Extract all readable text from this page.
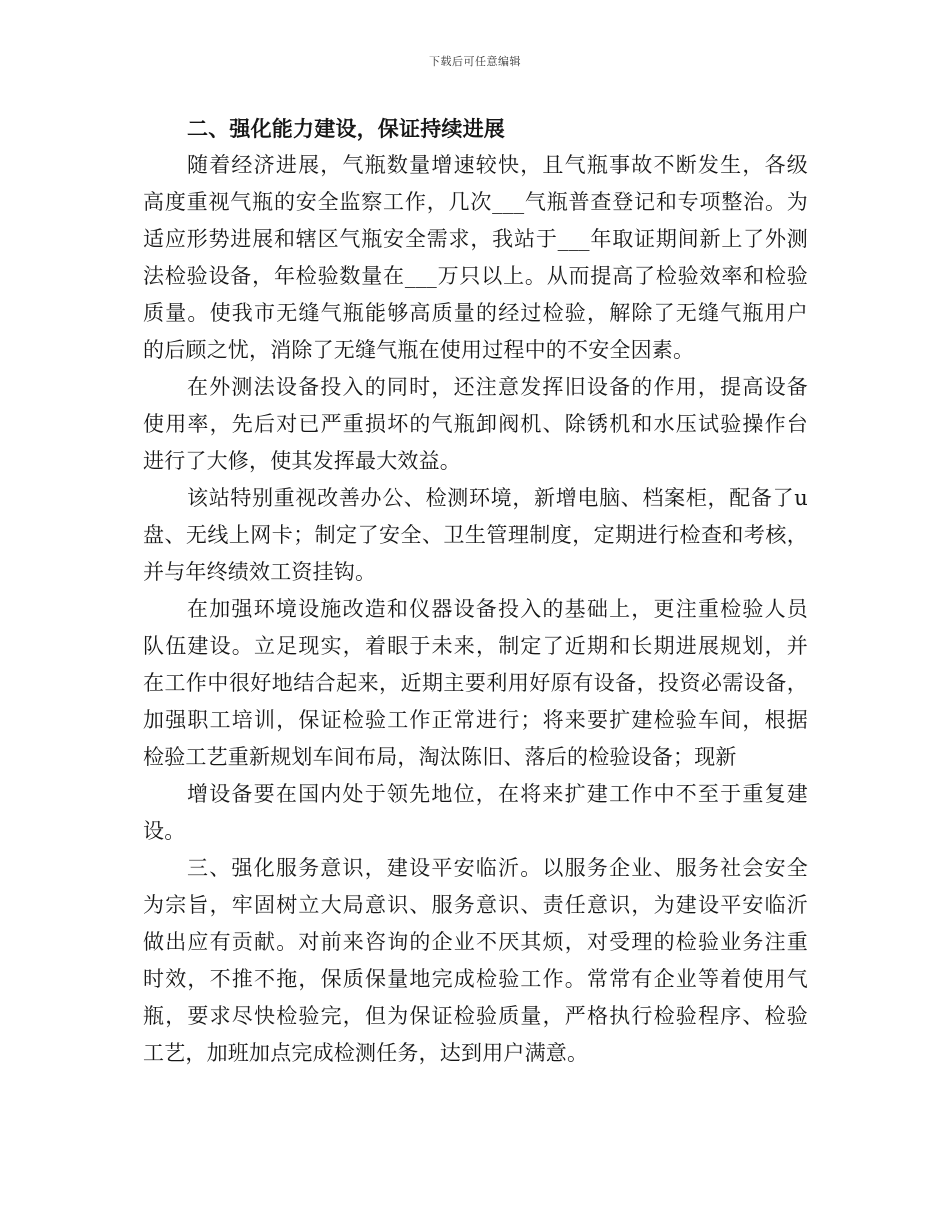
下载后可任意编辑
二、强化能力建设，保证持续进展
随着经济进展，气瓶数量增速较快，且气瓶事故不断发生，各级
高度重视气瓶的安全监察工作，几次___气瓶普查登记和专项整治。为
适应形势进展和辖区气瓶安全需求，我站于___年取证期间新上了外测
法检验设备，年检验数量在___万只以上。从而提高了检验效率和检验
质量。使我市无缝气瓶能够高质量的经过检验，解除了无缝气瓶用户
的后顾之忧，消除了无缝气瓶在使用过程中的不安全因素。
在外测法设备投入的同时，还注意发挥旧设备的作用，提高设备
使用率，先后对已严重损坏的气瓶卸阀机、除锈机和水压试验操作台
进行了大修，使其发挥最大效益。
该站特别重视改善办公、检测环境，新增电脑、档案柜，配备了u
盘、无线上网卡；制定了安全、卫生管理制度，定期进行检查和考核，
并与年终绩效工资挂钩。
在加强环境设施改造和仪器设备投入的基础上，更注重检验人员
队伍建设。立足现实，着眼于未来，制定了近期和长期进展规划，并
在工作中很好地结合起来，近期主要利用好原有设备，投资必需设备，
加强职工培训，保证检验工作正常进行；将来要扩建检验车间，根据
检验工艺重新规划车间布局，淘汰陈旧、落后的检验设备；现新
增设备要在国内处于领先地位，在将来扩建工作中不至于重复建
设。
三、强化服务意识，建设平安临沂。以服务企业、服务社会安全
为宗旨，牢固树立大局意识、服务意识、责任意识，为建设平安临沂
做出应有贡献。对前来咨询的企业不厌其烦，对受理的检验业务注重
时效，不推不拖，保质保量地完成检验工作。常常有企业等着使用气
瓶，要求尽快检验完，但为保证检验质量，严格执行检验程序、检验
工艺，加班加点完成检测任务，达到用户满意。
